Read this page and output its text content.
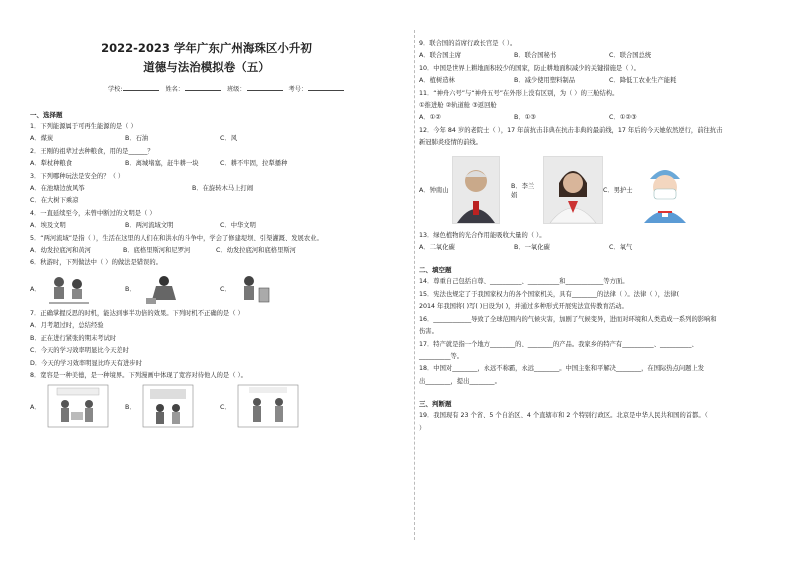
2022-2023 学年广东广州海珠区小升初
道德与法治模拟卷（五）
学校:	姓名：	班级：	考号：
一、选择题
1．下列能源属于可再生能源的是（ ）
A．煤炭	B．石油	C．风
2．王刚的祖辈过去种粮食，用的是______？
A．犁杖种粮食	B．离城堵塞，赶牛耕一块	C．耕不牢固，拉犁播种
3．下列哪种玩法是安全的？（ ）
A．在池塘边放风筝	B．在旋转木马上打闹
C．在大树下乘凉
4．一直延续至今，未曾中断过的文明是（ ）
A．埃及文明	B．两河流域文明	C．中华文明
5．“两河流域”是指（ ），生活在这里的人们在和洪水的斗争中，学会了修建堤坝、引渠灌溉、发展农业。
A．幼发拉底河和黄河	B．底格里斯河和尼罗河	C．幼发拉底河和底格里斯河
6．秋游时，下列做法中（ ）的做法是错误的。
A．	B．	C．
7．正确掌握反思的时机，能达到事半功倍的效果。下列时机不正确的是（ ）
A．月考超过时，总结经验
B．正在进行紧张的期末考试时
C．今天的学习效率明显比今天差时
D．今天的学习效率明显比昨天有进步时
8．宽容是一种美德，是一种境界。下列漫画中体现了宽容对待他人的是（ ）。
A．	B．	C．
9．联合国的首席行政长官是（ ）。
A．联合国主席	B．联合国秘书	C．联合国总统
10．中国是世界上耕地面积较少的国家，防止耕地面积减少的关键措施是（ ）。
A．植树造林	B．减少使用塑料制品	C．降低工农业生产能耗
11．“神舟六号”与“神舟五号”在外形上没有区别，为（ ）的三舱结构。
①推进舱 ②轨道舱 ③返回舱
A．①②	B．①③	C．①②③
12．今年 84 岁的老院士（ ），17 年前抗击非典在抗击非典的最前线，17 年后的今天她依然逆行，前往抗击
新冠肺炎疫情的前线。
A．钟南山
B．李兰娟
C．男护士
13．绿色植物的光合作用能吸收大量的（ ）。
A．二氧化碳	B．一氧化碳	C．氧气
二、填空题
14．尊重自己包括自尊、__________、__________和____________等方面。
15．宪法也规定了于我国家权力的各个国家机关，具有________的法律（ ）。法律（ ），法律(
2014 年我国将( )写( )日设为( )，并通过多种形式开展宪法宣传教育活动。
16．____________导致了全球范围内的气候灾害，加剧了气候变异，进而对环境和人类造成一系列的影响和
伤害。
17．特产就是指一个地方________的、________的产品。我家乡的特产有__________、__________、
__________等。
18．中国对________，永远不称霸，永远________。中国主张和平解决________，在国际热点问题上发
出________，提出________。
三、判断题
19．我国现有 23 个省、5 个自治区、4 个直辖市和 2 个特别行政区。北京是中华人民共和国的首都。（
）
